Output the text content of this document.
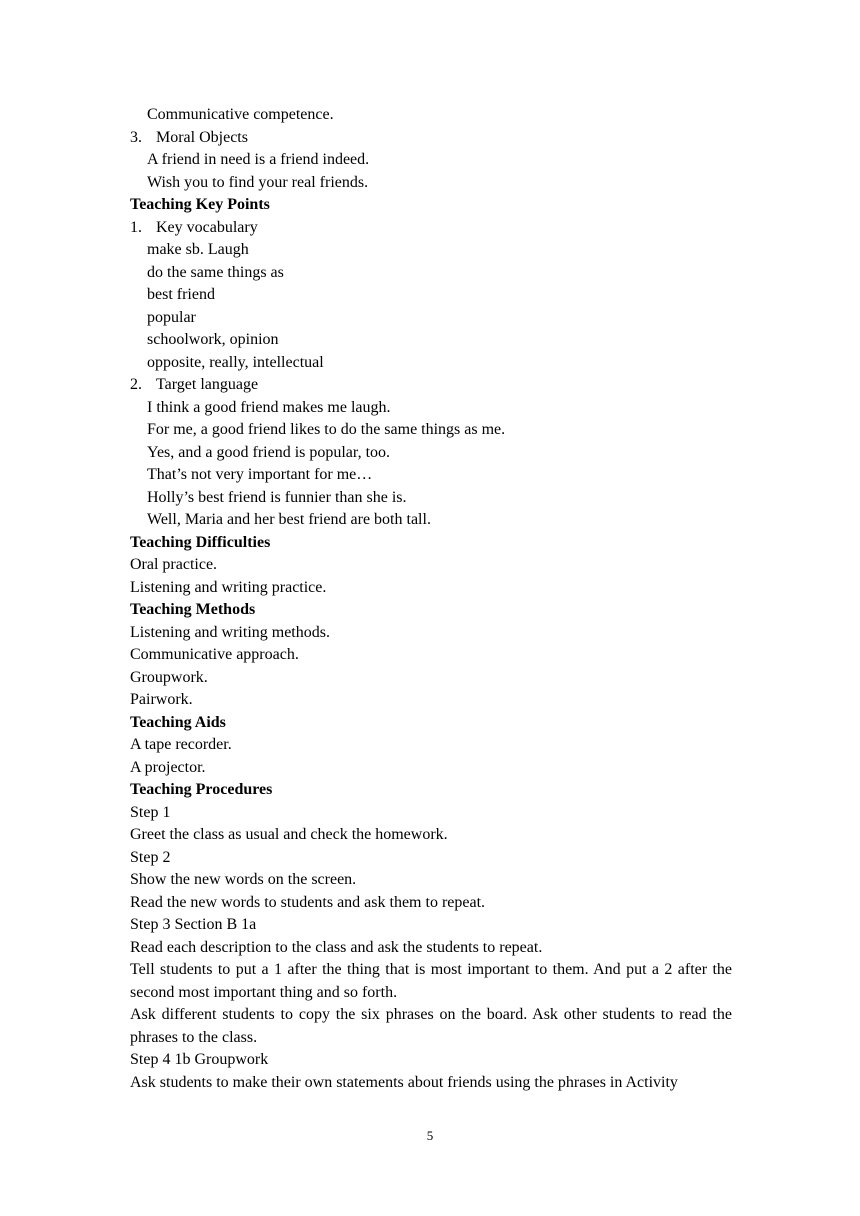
Communicative competence.
3. Moral Objects
A friend in need is a friend indeed.
Wish you to find your real friends.
Teaching Key Points
1. Key vocabulary
make sb. Laugh
do the same things as
best friend
popular
schoolwork, opinion
opposite, really, intellectual
2. Target language
I think a good friend makes me laugh.
For me, a good friend likes to do the same things as me.
Yes, and a good friend is popular, too.
That’s not very important for me…
Holly’s best friend is funnier than she is.
Well, Maria and her best friend are both tall.
Teaching Difficulties
Oral practice.
Listening and writing practice.
Teaching Methods
Listening and writing methods.
Communicative approach.
Groupwork.
Pairwork.
Teaching Aids
A tape recorder.
A projector.
Teaching Procedures
Step 1
Greet the class as usual and check the homework.
Step 2
Show the new words on the screen.
Read the new words to students and ask them to repeat.
Step 3 Section B 1a
Read each description to the class and ask the students to repeat.
Tell students to put a 1 after the thing that is most important to them. And put a 2 after the second most important thing and so forth.
Ask different students to copy the six phrases on the board. Ask other students to read the phrases to the class.
Step 4 1b Groupwork
Ask students to make their own statements about friends using the phrases in Activity
5
